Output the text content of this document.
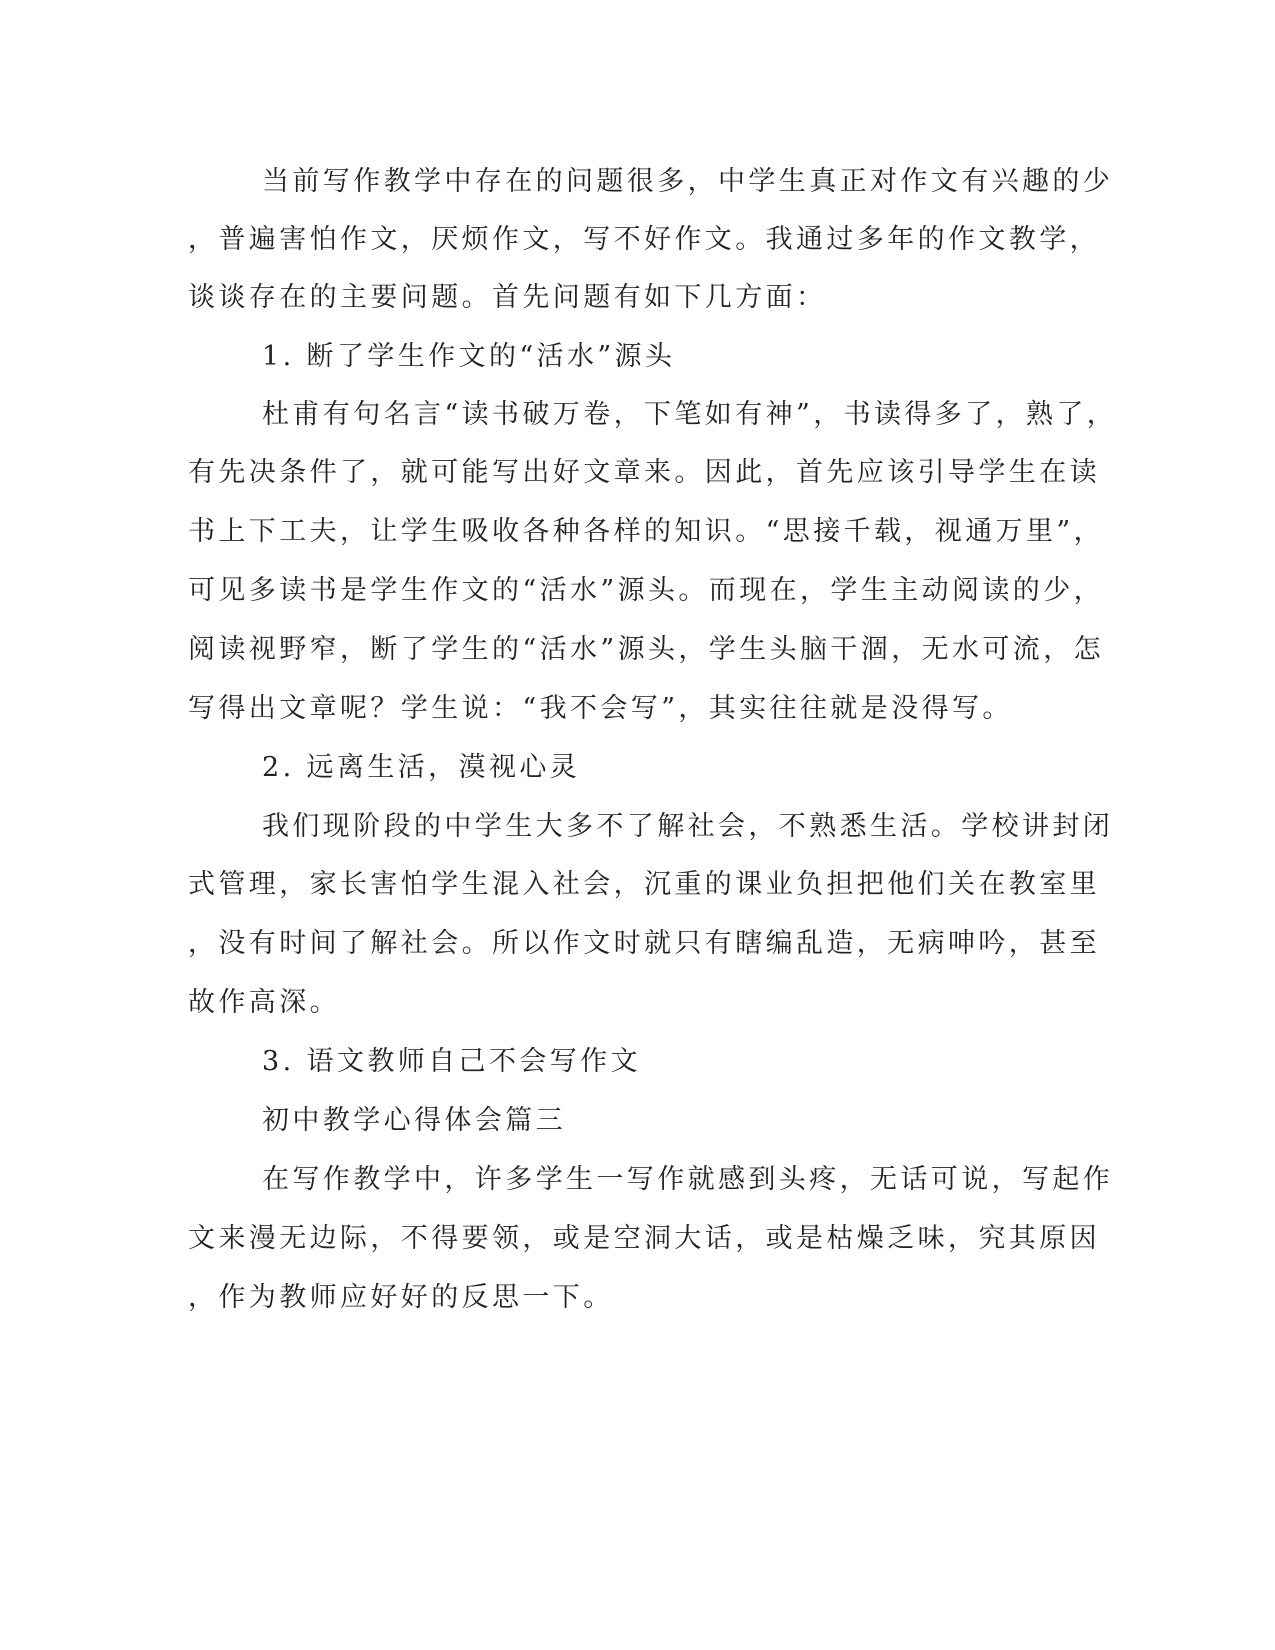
当前写作教学中存在的问题很多，中学生真正对作文有兴趣的少
，普遍害怕作文，厌烦作文，写不好作文。我通过多年的作文教学，
谈谈存在的主要问题。首先问题有如下几方面：
1. 断了学生作文的“活水”源头
杜甫有句名言“读书破万卷，下笔如有神”，书读得多了，熟了，
有先决条件了，就可能写出好文章来。因此，首先应该引导学生在读
书上下工夫，让学生吸收各种各样的知识。“思接千载，视通万里”，
可见多读书是学生作文的“活水”源头。而现在，学生主动阅读的少，
阅读视野窄，断了学生的“活水”源头，学生头脑干涸，无水可流，怎
写得出文章呢？学生说：“我不会写”，其实往往就是没得写。
2. 远离生活，漠视心灵
我们现阶段的中学生大多不了解社会，不熟悉生活。学校讲封闭
式管理，家长害怕学生混入社会，沉重的课业负担把他们关在教室里
，没有时间了解社会。所以作文时就只有瞎编乱造，无病呻吟，甚至
故作高深。
3. 语文教师自己不会写作文
初中教学心得体会篇三
在写作教学中，许多学生一写作就感到头疼，无话可说，写起作
文来漫无边际，不得要领，或是空洞大话，或是枯燥乏味，究其原因
，作为教师应好好的反思一下。
